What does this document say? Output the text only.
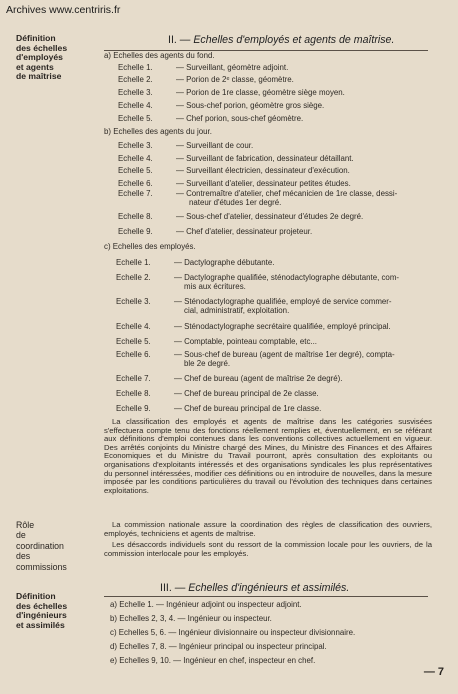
Archives www.centriris.fr
Définition
des échelles
d'employés
et agents
de maîtrise
II. — Echelles d'employés et agents de maîtrise.
a) Echelles des agents du fond.
Echelle 1.	— Surveillant, géomètre adjoint.
Echelle 2.	— Porion de 2ᵉ classe, géomètre.
Echelle 3.	— Porion de 1re classe, géomètre siège moyen.
Echelle 4.	— Sous-chef porion, géomètre gros siège.
Echelle 5.	— Chef porion, sous-chef géomètre.
b) Echelles des agents du jour.
Echelle 3.	— Surveillant de cour.
Echelle 4.	— Surveillant de fabrication, dessinateur détaillant.
Echelle 5.	— Surveillant électricien, dessinateur d'exécution.
Echelle 6.	— Surveillant d'atelier, dessinateur petites études.
Echelle 7.	— Contremaître d'atelier, chef mécanicien de 1re classe, dessi-
nateur d'études 1er degré.
Echelle 8.	— Sous-chef d'atelier, dessinateur d'études 2e degré.
Echelle 9.	— Chef d'atelier, dessinateur projeteur.
c) Echelles des employés.
Echelle 1.	— Dactylographe débutante.
Echelle 2.	— Dactylographe qualifiée, sténodactylographe débutante, com-
mis aux écritures.
Echelle 3.	— Sténodactylographe qualifiée, employé de service commer-
cial, administratif, exploitation.
Echelle 4.	— Sténodactylographe secrétaire qualifiée, employé principal.
Echelle 5.	— Comptable, pointeau comptable, etc...
Echelle 6.	— Sous-chef de bureau (agent de maîtrise 1er degré), compta-
ble 2e degré.
Echelle 7.	— Chef de bureau (agent de maîtrise 2e degré).
Echelle 8.	— Chef de bureau principal de 2e classe.
Echelle 9.	— Chef de bureau principal de 1re classe.

La classification des employés et agents de maîtrise dans les catégories susvisées s'effectuera compte tenu des fonctions réellement remplies et, éventuellement, en se référant aux définitions d'emploi contenues dans les conventions collectives actuellement en vigueur. Des arrêtés conjoints du Ministre chargé des Mines, du Ministre des Finances et des Affaires Economiques et du Ministre du Travail pourront, après consultation des exploitants ou organisations d'exploitants intéressés et des organisations syndicales les plus représentatives du personnel intéressées, modifier ces définitions ou en introduire de nouvelles, dans la mesure imposée par les conditions particulières du travail ou l'évolution des techniques dans certaines exploitations.

Rôle
de
coordination
des
commissions

La commission nationale assure la coordination des règles de classification des ouvriers, employés, techniciens et agents de maîtrise.

Les désaccords individuels sont du ressort de la commission locale pour les ouvriers, de la commission interlocale pour les employés.

III. — Echelles d'ingénieurs et assimilés.
Définition
des échelles
d'ingénieurs
et assimilés
a) Echelle 1. — Ingénieur adjoint ou inspecteur adjoint.
b) Echelles 2, 3, 4. — Ingénieur ou inspecteur.
c) Echelles 5, 6. — Ingénieur divisionnaire ou inspecteur divisionnaire.
d) Echelles 7, 8. — Ingénieur principal ou inspecteur principal.
e) Echelles 9, 10. — Ingénieur en chef, inspecteur en chef.
— 7
